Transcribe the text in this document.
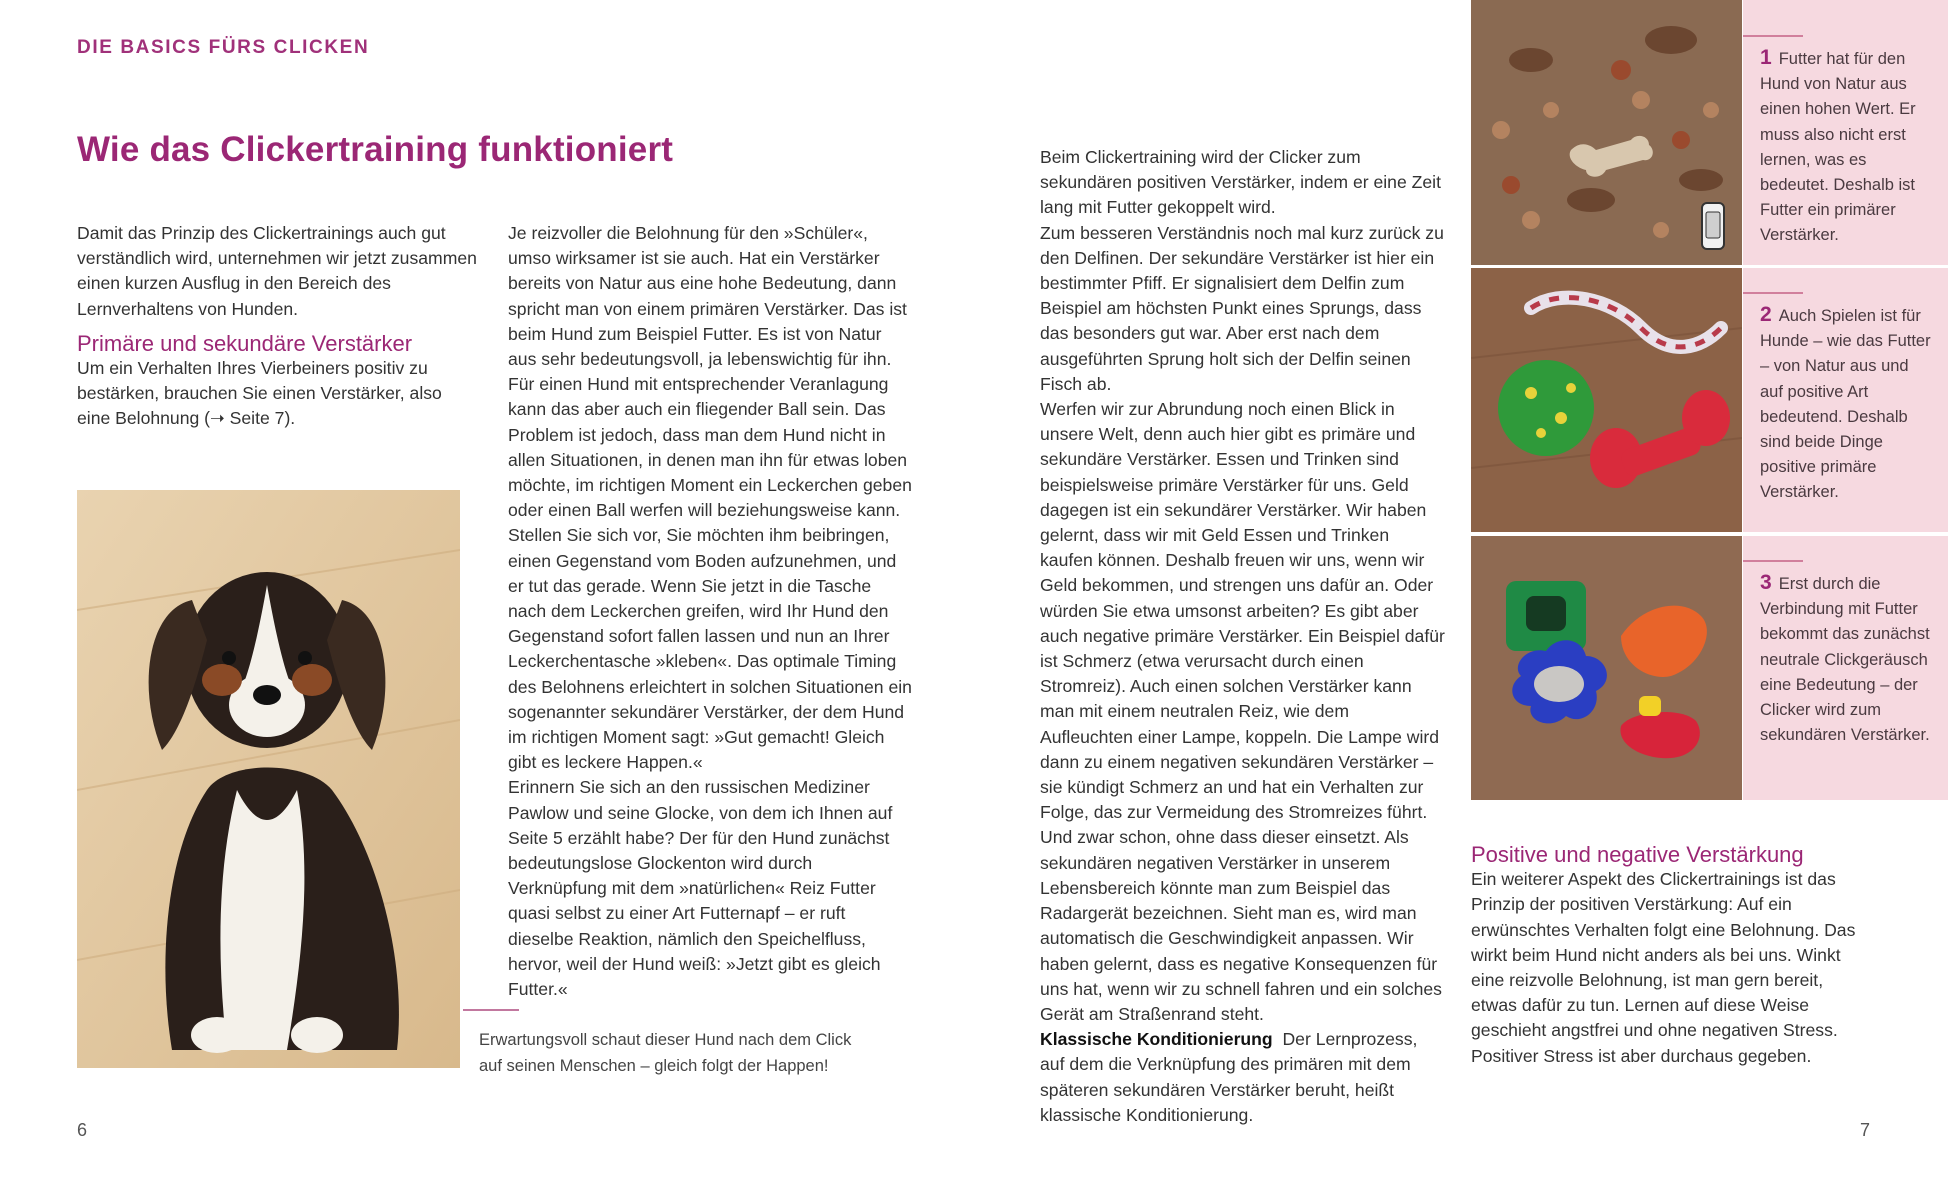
DIE BASICS FÜRS CLICKEN
Wie das Clickertraining funktioniert

Damit das Prinzip des Clickertrainings auch gut verständlich wird, unternehmen wir jetzt zusammen einen kurzen Ausflug in den Bereich des Lernverhaltens von Hunden.

Primäre und sekundäre Verstärker

Um ein Verhalten Ihres Vierbeiners positiv zu bestärken, brauchen Sie einen Verstärker, also eine Belohnung (➝ Seite 7).

Erwartungsvoll schaut dieser Hund nach dem Click
auf seinen Menschen – gleich folgt der Happen!

Je reizvoller die Belohnung für den »Schüler«, umso wirksamer ist sie auch. Hat ein Verstärker bereits von Natur aus eine hohe Bedeutung, dann spricht man von einem primären Verstärker. Das ist beim Hund zum Beispiel Futter. Es ist von Natur aus sehr bedeutungsvoll, ja lebenswichtig für ihn.

Für einen Hund mit entsprechender Veranlagung kann das aber auch ein fliegender Ball sein. Das Problem ist jedoch, dass man dem Hund nicht in allen Situationen, in denen man ihn für etwas loben möchte, im richtigen Moment ein Leckerchen geben oder einen Ball werfen will beziehungsweise kann. Stellen Sie sich vor, Sie möchten ihm beibringen, einen Gegenstand vom Boden aufzunehmen, und er tut das gerade. Wenn Sie jetzt in die Tasche nach dem Leckerchen greifen, wird Ihr Hund den Gegenstand sofort fallen lassen und nun an Ihrer Leckerchentasche »kleben«. Das optimale Timing des Belohnens erleichtert in solchen Situationen ein sogenannter sekundärer Verstärker, der dem Hund im richtigen Moment sagt: »Gut gemacht! Gleich gibt es leckere Happen.«

Erinnern Sie sich an den russischen Mediziner Pawlow und seine Glocke, von dem ich Ihnen auf Seite 5 erzählt habe? Der für den Hund zunächst bedeutungslose Glockenton wird durch Verknüpfung mit dem »natürlichen« Reiz Futter quasi selbst zu einer Art Futternapf – er ruft dieselbe Reaktion, nämlich den Speichelfluss, hervor, weil der Hund weiß: »Jetzt gibt es gleich Futter.«

6

Beim Clickertraining wird der Clicker zum sekundären positiven Verstärker, indem er eine Zeit lang mit Futter gekoppelt wird.

Zum besseren Verständnis noch mal kurz zurück zu den Delfinen. Der sekundäre Verstärker ist hier ein bestimmter Pfiff. Er signalisiert dem Delfin zum Beispiel am höchsten Punkt eines Sprungs, dass das besonders gut war. Aber erst nach dem ausgeführten Sprung holt sich der Delfin seinen Fisch ab.

Werfen wir zur Abrundung noch einen Blick in unsere Welt, denn auch hier gibt es primäre und sekundäre Verstärker. Essen und Trinken sind beispielsweise primäre Verstärker für uns. Geld dagegen ist ein sekundärer Verstärker. Wir haben gelernt, dass wir mit Geld Essen und Trinken kaufen können. Deshalb freuen wir uns, wenn wir Geld bekommen, und strengen uns dafür an. Oder würden Sie etwa umsonst arbeiten? Es gibt aber auch negative primäre Verstärker. Ein Beispiel dafür ist Schmerz (etwa verursacht durch einen Stromreiz). Auch einen solchen Verstärker kann man mit einem neutralen Reiz, wie dem Aufleuchten einer Lampe, koppeln. Die Lampe wird dann zu einem negativen sekundären Verstärker – sie kündigt Schmerz an und hat ein Verhalten zur Folge, das zur Vermeidung des Stromreizes führt. Und zwar schon, ohne dass dieser einsetzt. Als sekundären negativen Verstärker in unserem Lebensbereich könnte man zum Beispiel das Radargerät bezeichnen. Sieht man es, wird man automatisch die Geschwindigkeit anpassen. Wir haben gelernt, dass es negative Konsequenzen für uns hat, wenn wir zu schnell fahren und ein solches Gerät am Straßenrand steht.

Klassische Konditionierung Der Lernprozess, auf dem die Verknüpfung des primären mit dem späteren sekundären Verstärker beruht, heißt klassische Konditionierung.

1 Futter hat für den Hund von Natur aus einen hohen Wert. Er muss also nicht erst lernen, was es bedeutet. Deshalb ist Futter ein primärer Verstärker.
2 Auch Spielen ist für Hunde – wie das Futter – von Natur aus und auf positive Art bedeutend. Deshalb sind beide Dinge positive primäre Verstärker.
3 Erst durch die Verbindung mit Futter bekommt das zunächst neutrale Clickgeräusch eine Bedeutung – der Clicker wird zum sekundären Verstärker.
Positive und negative Verstärkung

Ein weiterer Aspekt des Clickertrainings ist das Prinzip der positiven Verstärkung: Auf ein erwünschtes Verhalten folgt eine Belohnung. Das wirkt beim Hund nicht anders als bei uns. Winkt eine reizvolle Belohnung, ist man gern bereit, etwas dafür zu tun. Lernen auf diese Weise geschieht angstfrei und ohne negativen Stress. Positiver Stress ist aber durchaus gegeben.

7
